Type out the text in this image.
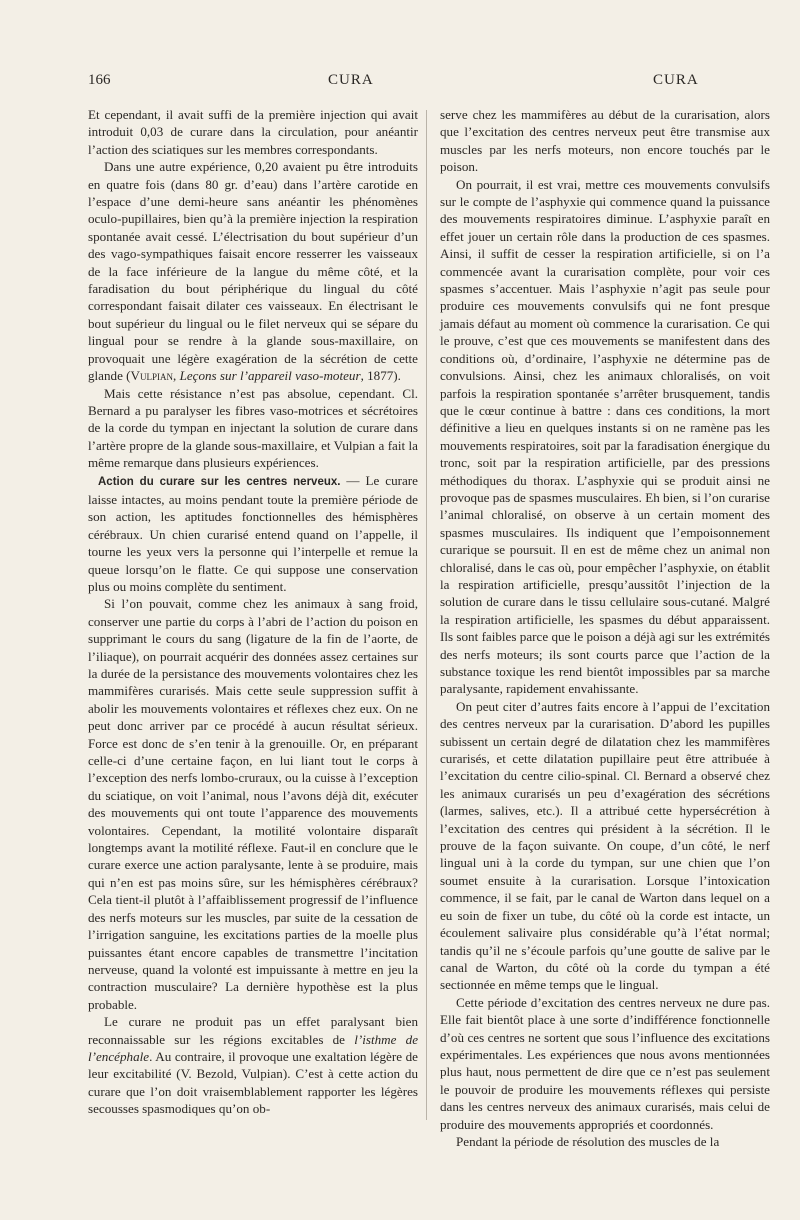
166	CURA	CURA

Et cependant, il avait suffi de la première injection qui avait introduit 0,03 de curare dans la circulation, pour anéantir l’action des sciatiques sur les membres correspondants.

Dans une autre expérience, 0,20 avaient pu être introduits en quatre fois (dans 80 gr. d’eau) dans l’artère carotide en l’espace d’une demi-heure sans anéantir les phénomènes oculo-pupillaires, bien qu’à la première injection la respiration spontanée avait cessé. L’électrisation du bout supérieur d’un des vago-sympathiques faisait encore resserrer les vaisseaux de la face inférieure de la langue du même côté, et la faradisation du bout périphérique du lingual du côté correspondant faisait dilater ces vaisseaux. En électrisant le bout supérieur du lingual ou le filet nerveux qui se sépare du lingual pour se rendre à la glande sous-maxillaire, on provoquait une légère exagération de la sécrétion de cette glande (Vulpian, Leçons sur l’appareil vaso-moteur, 1877).

Mais cette résistance n’est pas absolue, cependant. Cl. Bernard a pu paralyser les fibres vaso-motrices et sécrétoires de la corde du tympan en injectant la solution de curare dans l’artère propre de la glande sous-maxillaire, et Vulpian a fait la même remarque dans plusieurs expériences.

Action du curare sur les centres nerveux. — Le curare laisse intactes, au moins pendant toute la première période de son action, les aptitudes fonctionnelles des hémisphères cérébraux. Un chien curarisé entend quand on l’appelle, il tourne les yeux vers la personne qui l’interpelle et remue la queue lorsqu’on le flatte. Ce qui suppose une conservation plus ou moins complète du sentiment.

Si l’on pouvait, comme chez les animaux à sang froid, conserver une partie du corps à l’abri de l’action du poison en supprimant le cours du sang (ligature de la fin de l’aorte, de l’iliaque), on pourrait acquérir des données assez certaines sur la durée de la persistance des mouvements volontaires chez les mammifères curarisés. Mais cette seule suppression suffit à abolir les mouvements volontaires et réflexes chez eux. On ne peut donc arriver par ce procédé à aucun résultat sérieux. Force est donc de s’en tenir à la grenouille. Or, en préparant celle-ci d’une certaine façon, en lui liant tout le corps à l’exception des nerfs lombo-cruraux, ou la cuisse à l’exception du sciatique, on voit l’animal, nous l’avons déjà dit, exécuter des mouvements qui ont toute l’apparence des mouvements volontaires. Cependant, la motilité volontaire disparaît longtemps avant la motilité réflexe. Faut-il en conclure que le curare exerce une action paralysante, lente à se produire, mais qui n’en est pas moins sûre, sur les hémisphères cérébraux? Cela tient-il plutôt à l’affaiblissement progressif de l’influence des nerfs moteurs sur les muscles, par suite de la cessation de l’irrigation sanguine, les excitations parties de la moelle plus puissantes étant encore capables de transmettre l’incitation nerveuse, quand la volonté est impuissante à mettre en jeu la contraction musculaire? La dernière hypothèse est la plus probable.

Le curare ne produit pas un effet paralysant bien reconnaissable sur les régions excitables de l’isthme de l’encéphale. Au contraire, il provoque une exaltation légère de leur excitabilité (V. Bezold, Vulpian). C’est à cette action du curare que l’on doit vraisemblablement rapporter les légères secousses spasmodiques qu’on ob-

serve chez les mammifères au début de la curarisation, alors que l’excitation des centres nerveux peut être transmise aux muscles par les nerfs moteurs, non encore touchés par le poison.

On pourrait, il est vrai, mettre ces mouvements convulsifs sur le compte de l’asphyxie qui commence quand la puissance des mouvements respiratoires diminue. L’asphyxie paraît en effet jouer un certain rôle dans la production de ces spasmes. Ainsi, il suffit de cesser la respiration artificielle, si on l’a commencée avant la curarisation complète, pour voir ces spasmes s’accentuer. Mais l’asphyxie n’agit pas seule pour produire ces mouvements convulsifs qui ne font presque jamais défaut au moment où commence la curarisation. Ce qui le prouve, c’est que ces mouvements se manifestent dans des conditions où, d’ordinaire, l’asphyxie ne détermine pas de convulsions. Ainsi, chez les animaux chloralisés, on voit parfois la respiration spontanée s’arrêter brusquement, tandis que le cœur continue à battre : dans ces conditions, la mort définitive a lieu en quelques instants si on ne ramène pas les mouvements respiratoires, soit par la faradisation énergique du tronc, soit par la respiration artificielle, par des pressions méthodiques du thorax. L’asphyxie qui se produit ainsi ne provoque pas de spasmes musculaires. Eh bien, si l’on curarise l’animal chloralisé, on observe à un certain moment des spasmes musculaires. Ils indiquent que l’empoisonnement curarique se poursuit. Il en est de même chez un animal non chloralisé, dans le cas où, pour empêcher l’asphyxie, on établit la respiration artificielle, presqu’aussitôt l’injection de la solution de curare dans le tissu cellulaire sous-cutané. Malgré la respiration artificielle, les spasmes du début apparaissent. Ils sont faibles parce que le poison a déjà agi sur les extrémités des nerfs moteurs; ils sont courts parce que l’action de la substance toxique les rend bientôt impossibles par sa marche paralysante, rapidement envahissante.

On peut citer d’autres faits encore à l’appui de l’excitation des centres nerveux par la curarisation. D’abord les pupilles subissent un certain degré de dilatation chez les mammifères curarisés, et cette dilatation pupillaire peut être attribuée à l’excitation du centre cilio-spinal. Cl. Bernard a observé chez les animaux curarisés un peu d’exagération des sécrétions (larmes, salives, etc.). Il a attribué cette hypersécrétion à l’excitation des centres qui président à la sécrétion. Il le prouve de la façon suivante. On coupe, d’un côté, le nerf lingual uni à la corde du tympan, sur une chien que l’on soumet ensuite à la curarisation. Lorsque l’intoxication commence, il se fait, par le canal de Warton dans lequel on a eu soin de fixer un tube, du côté où la corde est intacte, un écoulement salivaire plus considérable qu’à l’état normal; tandis qu’il ne s’écoule parfois qu’une goutte de salive par le canal de Warton, du côté où la corde du tympan a été sectionnée en même temps que le lingual.

Cette période d’excitation des centres nerveux ne dure pas. Elle fait bientôt place à une sorte d’indifférence fonctionnelle d’où ces centres ne sortent que sous l’influence des excitations expérimentales. Les expériences que nous avons mentionnées plus haut, nous permettent de dire que ce n’est pas seulement le pouvoir de produire les mouvements réflexes qui persiste dans les centres nerveux des animaux curarisés, mais celui de produire des mouvements appropriés et coordonnés.

Pendant la période de résolution des muscles de la
